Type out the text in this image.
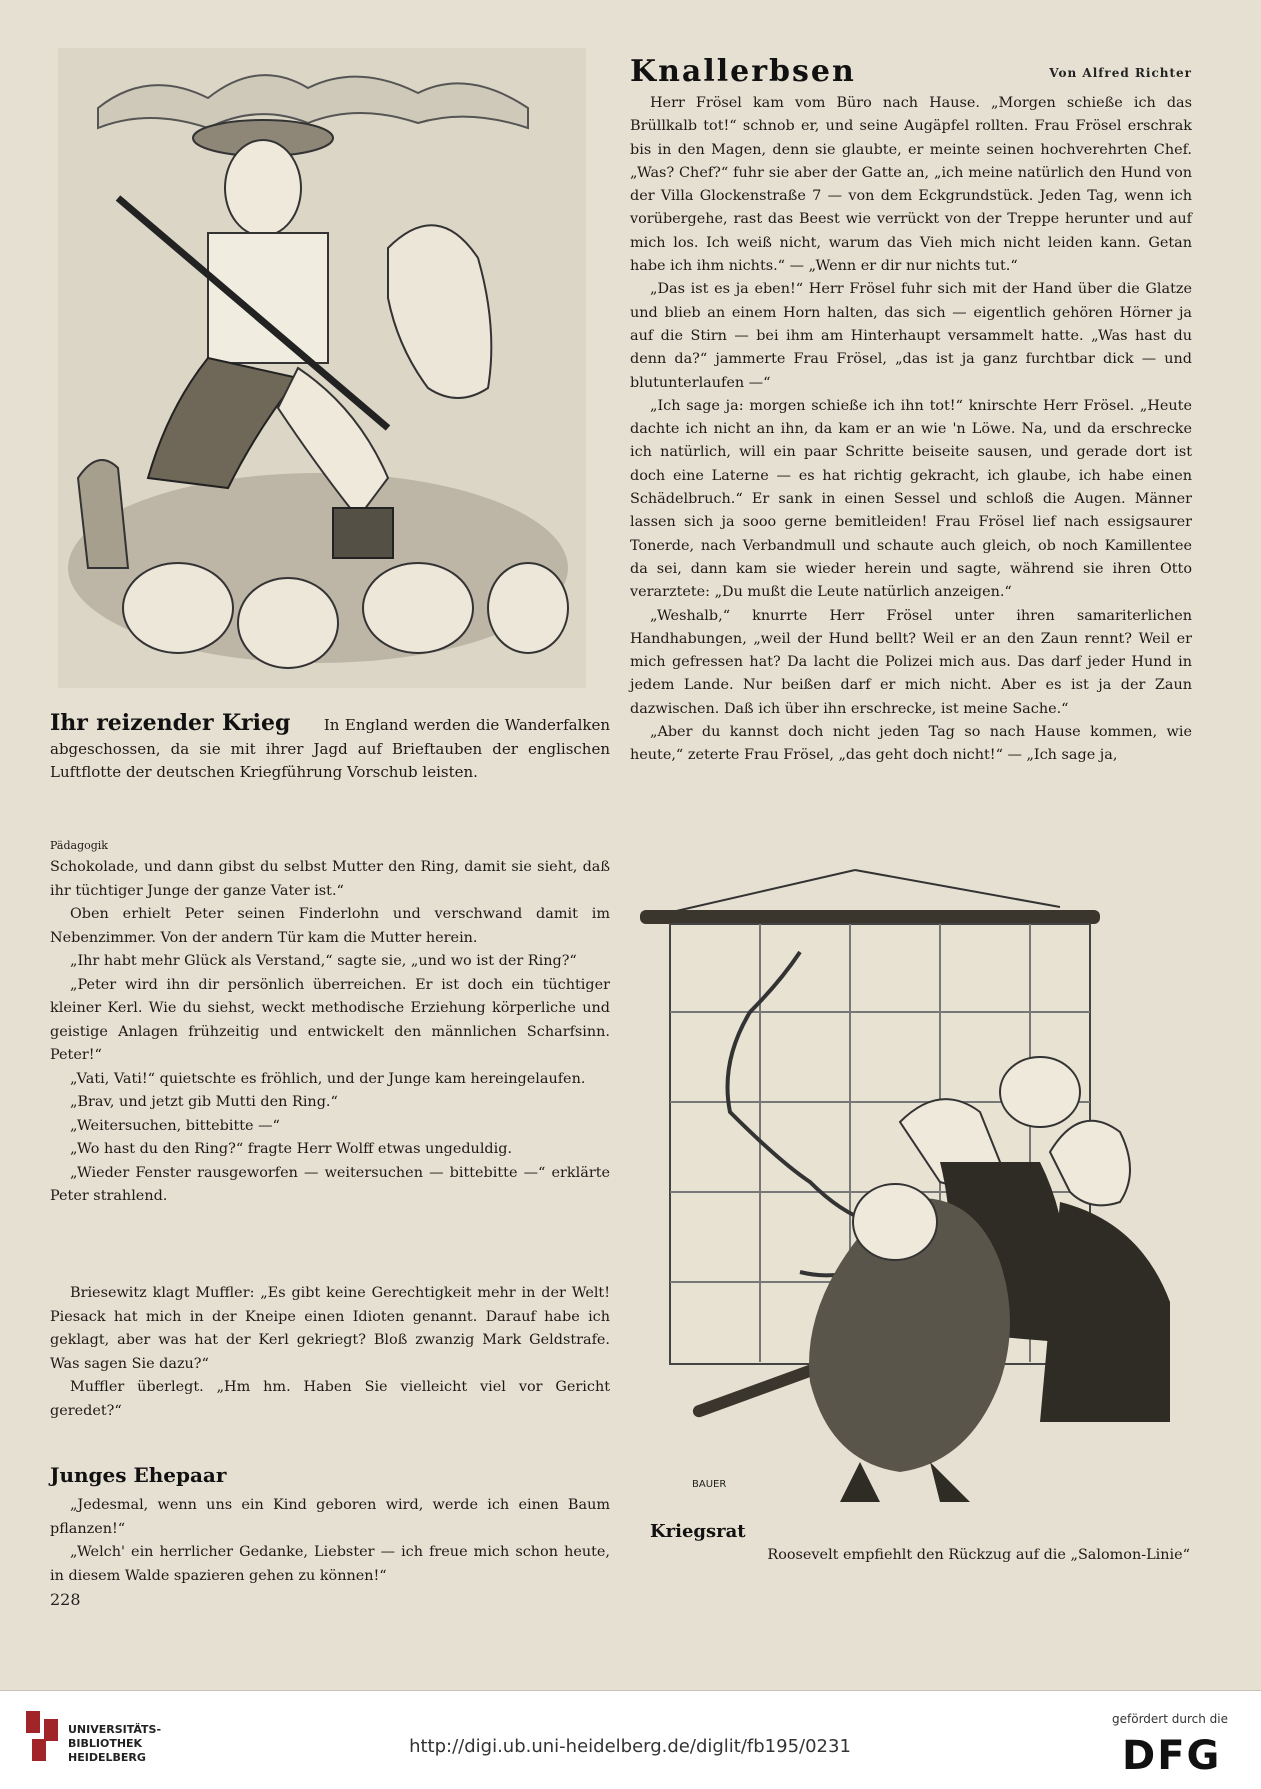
Ihr reizender Krieg In England werden die Wanderfalken abgeschossen, da sie mit ihrer Jagd auf Brieftauben der englischen Luftflotte der deutschen Kriegführung Vorschub leisten.

Knallerbsen	Von Alfred Richter

Herr Frösel kam vom Büro nach Hause. „Morgen schieße ich das Brüllkalb tot!“ schnob er, und seine Augäpfel rollten. Frau Frösel erschrak bis in den Magen, denn sie glaubte, er meinte seinen hochverehrten Chef. „Was? Chef?“ fuhr sie aber der Gatte an, „ich meine natürlich den Hund von der Villa Glockenstraße 7 — von dem Eckgrundstück. Jeden Tag, wenn ich vorübergehe, rast das Beest wie verrückt von der Treppe herunter und auf mich los. Ich weiß nicht, warum das Vieh mich nicht leiden kann. Getan habe ich ihm nichts.“ — „Wenn er dir nur nichts tut.“

„Das ist es ja eben!“ Herr Frösel fuhr sich mit der Hand über die Glatze und blieb an einem Horn halten, das sich — eigentlich gehören Hörner ja auf die Stirn — bei ihm am Hinterhaupt versammelt hatte. „Was hast du denn da?“ jammerte Frau Frösel, „das ist ja ganz furchtbar dick — und blutunterlaufen —“

„Ich sage ja: morgen schieße ich ihn tot!“ knirschte Herr Frösel. „Heute dachte ich nicht an ihn, da kam er an wie 'n Löwe. Na, und da erschrecke ich natürlich, will ein paar Schritte beiseite sausen, und gerade dort ist doch eine Laterne — es hat richtig gekracht, ich glaube, ich habe einen Schädelbruch.“ Er sank in einen Sessel und schloß die Augen. Männer lassen sich ja sooo gerne bemitleiden! Frau Frösel lief nach essigsaurer Tonerde, nach Verbandmull und schaute auch gleich, ob noch Kamillentee da sei, dann kam sie wieder herein und sagte, während sie ihren Otto verarztete: „Du mußt die Leute natürlich anzeigen.“

„Weshalb,“ knurrte Herr Frösel unter ihren samariterlichen Handhabungen, „weil der Hund bellt? Weil er an den Zaun rennt? Weil er mich gefressen hat? Da lacht die Polizei mich aus. Das darf jeder Hund in jedem Lande. Nur beißen darf er mich nicht. Aber es ist ja der Zaun dazwischen. Daß ich über ihn erschrecke, ist meine Sache.“

„Aber du kannst doch nicht jeden Tag so nach Hause kommen, wie heute,“ zeterte Frau Frösel, „das geht doch nicht!“ — „Ich sage ja,

Pädagogik

Schokolade, und dann gibst du selbst Mutter den Ring, damit sie sieht, daß ihr tüchtiger Junge der ganze Vater ist.“

Oben erhielt Peter seinen Finderlohn und verschwand damit im Nebenzimmer. Von der andern Tür kam die Mutter herein.

„Ihr habt mehr Glück als Verstand,“ sagte sie, „und wo ist der Ring?“

„Peter wird ihn dir persönlich überreichen. Er ist doch ein tüchtiger kleiner Kerl. Wie du siehst, weckt methodische Erziehung körperliche und geistige Anlagen frühzeitig und entwickelt den männlichen Scharfsinn. Peter!“

„Vati, Vati!“ quietschte es fröhlich, und der Junge kam hereingelaufen.

„Brav, und jetzt gib Mutti den Ring.“

„Weitersuchen, bittebitte —“

„Wo hast du den Ring?“ fragte Herr Wolff etwas ungeduldig.

„Wieder Fenster rausgeworfen — weitersuchen — bittebitte —“ erklärte Peter strahlend.

Briesewitz klagt Muffler: „Es gibt keine Gerechtigkeit mehr in der Welt! Piesack hat mich in der Kneipe einen Idioten genannt. Darauf habe ich geklagt, aber was hat der Kerl gekriegt? Bloß zwanzig Mark Geldstrafe. Was sagen Sie dazu?“

Muffler überlegt. „Hm hm. Haben Sie vielleicht viel vor Gericht geredet?“

Junges Ehepaar

„Jedesmal, wenn uns ein Kind geboren wird, werde ich einen Baum pflanzen!“

„Welch' ein herrlicher Gedanke, Liebster — ich freue mich schon heute, in diesem Walde spazieren gehen zu können!“

228
BAUER
Kriegsrat
Roosevelt empfiehlt den Rückzug auf die „Salomon-Linie“
UNIVERSITÄTS-
BIBLIOTHEK
HEIDELBERG
http://digi.ub.uni-heidelberg.de/diglit/fb195/0231
gefördert durch die
DFG
